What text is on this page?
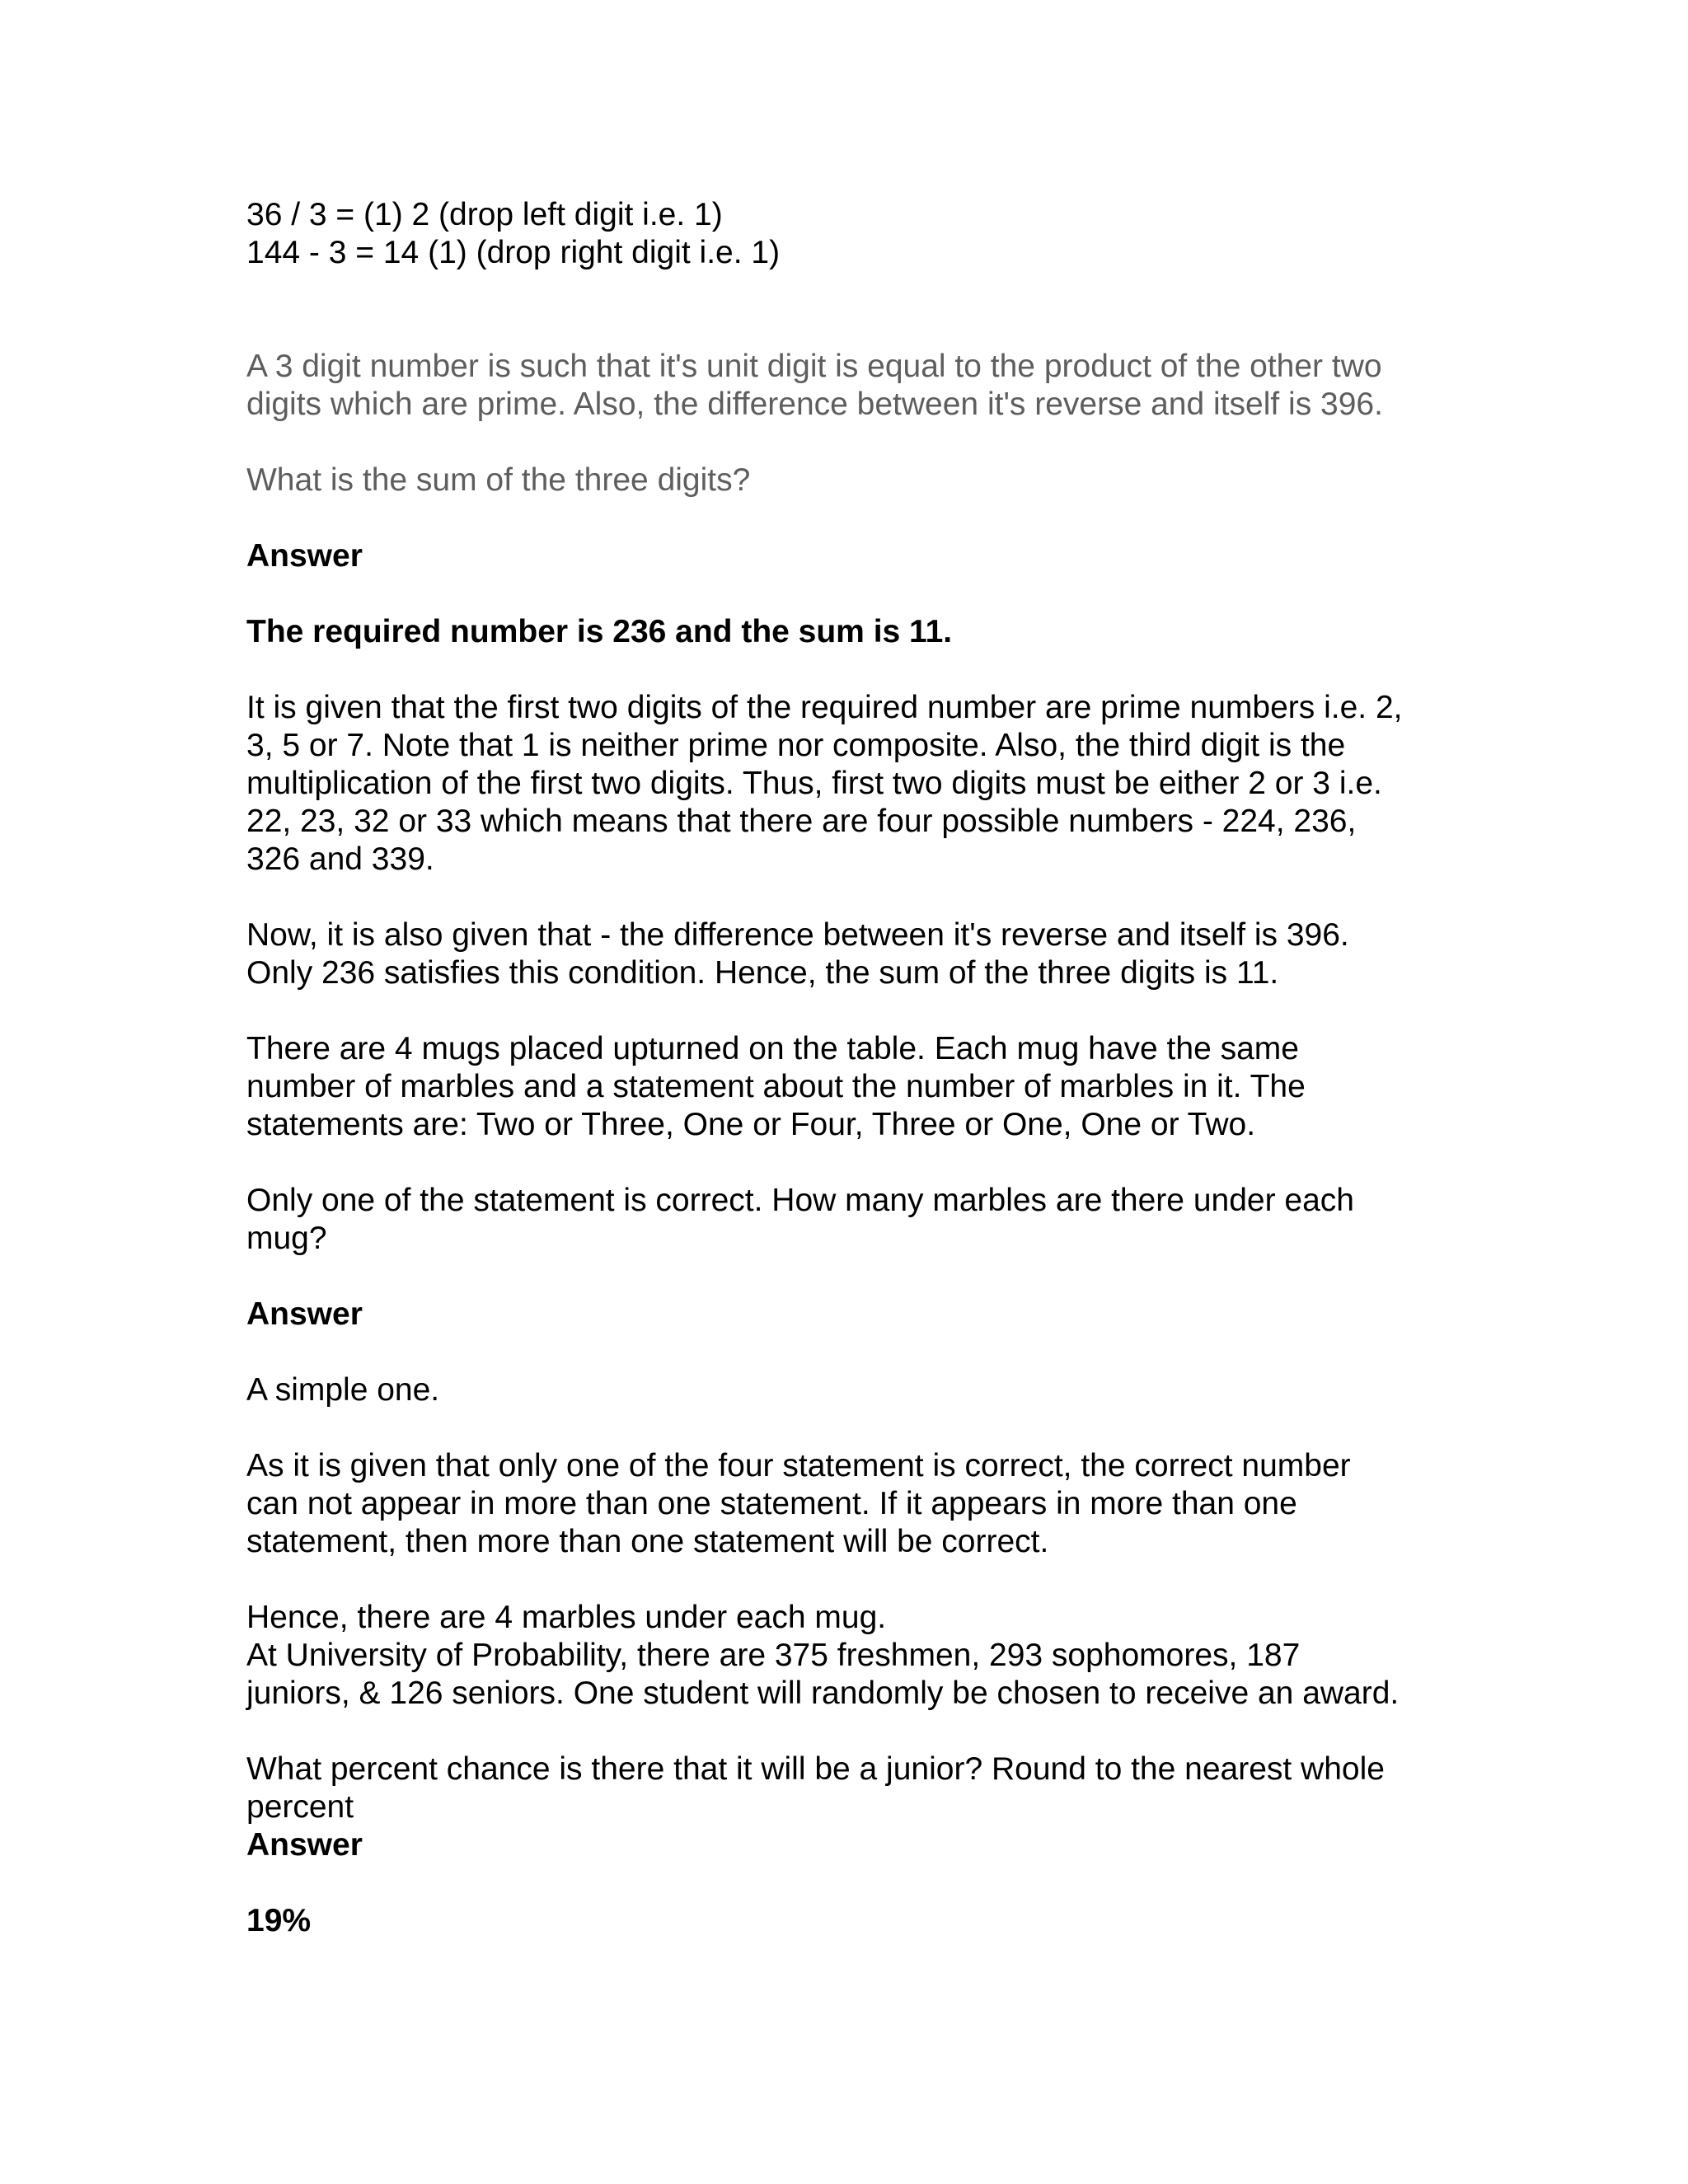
36 / 3 = (1) 2 (drop left digit i.e. 1)
144 - 3 = 14 (1) (drop right digit i.e. 1)

A 3 digit number is such that it's unit digit is equal to the product of the other two
digits which are prime. Also, the difference between it's reverse and itself is 396.

What is the sum of the three digits?

Answer

The required number is 236 and the sum is 11.

It is given that the first two digits of the required number are prime numbers i.e. 2,
3, 5 or 7. Note that 1 is neither prime nor composite. Also, the third digit is the
multiplication of the first two digits. Thus, first two digits must be either 2 or 3 i.e.
22, 23, 32 or 33 which means that there are four possible numbers - 224, 236,
326 and 339.

Now, it is also given that - the difference between it's reverse and itself is 396.
Only 236 satisfies this condition. Hence, the sum of the three digits is 11.

There are 4 mugs placed upturned on the table. Each mug have the same
number of marbles and a statement about the number of marbles in it. The
statements are: Two or Three, One or Four, Three or One, One or Two.

Only one of the statement is correct. How many marbles are there under each
mug?

Answer

A simple one.

As it is given that only one of the four statement is correct, the correct number
can not appear in more than one statement. If it appears in more than one
statement, then more than one statement will be correct.

Hence, there are 4 marbles under each mug.
At University of Probability, there are 375 freshmen, 293 sophomores, 187
juniors, & 126 seniors. One student will randomly be chosen to receive an award.

What percent chance is there that it will be a junior? Round to the nearest whole
percent

Answer

19%
